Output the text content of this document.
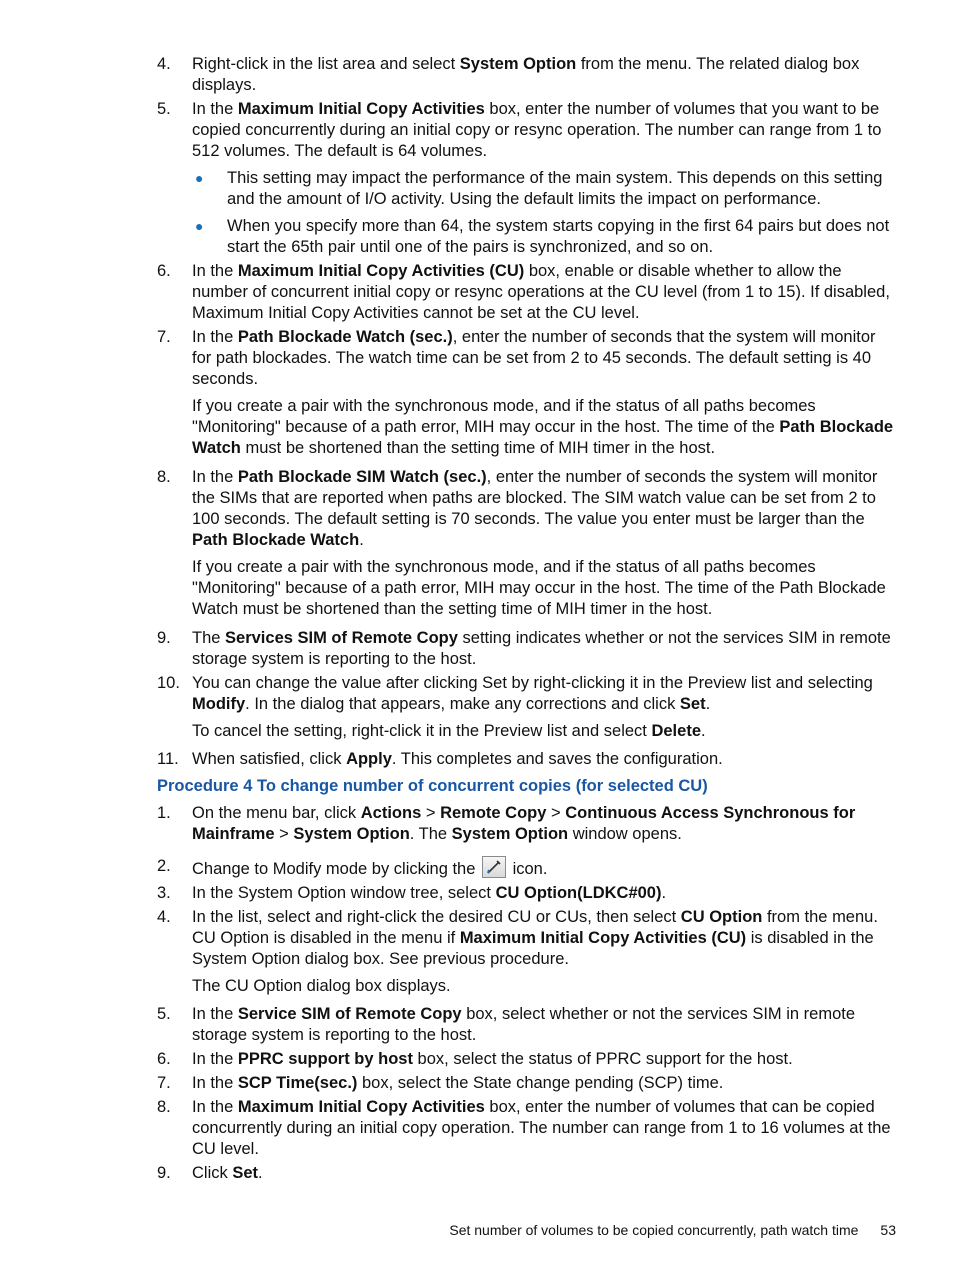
4. Right-click in the list area and select System Option from the menu. The related dialog box displays.

5. In the Maximum Initial Copy Activities box, enter the number of volumes that you want to be copied concurrently during an initial copy or resync operation. The number can range from 1 to 512 volumes. The default is 64 volumes.

● This setting may impact the performance of the main system. This depends on this setting and the amount of I/O activity. Using the default limits the impact on performance.
● When you specify more than 64, the system starts copying in the first 64 pairs but does not start the 65th pair until one of the pairs is synchronized, and so on.
6. In the Maximum Initial Copy Activities (CU) box, enable or disable whether to allow the number of concurrent initial copy or resync operations at the CU level (from 1 to 15). If disabled, Maximum Initial Copy Activities cannot be set at the CU level.

7. In the Path Blockade Watch (sec.), enter the number of seconds that the system will monitor for path blockades. The watch time can be set from 2 to 45 seconds. The default setting is 40 seconds.

If you create a pair with the synchronous mode, and if the status of all paths becomes "Monitoring" because of a path error, MIH may occur in the host. The time of the Path Blockade Watch must be shortened than the setting time of MIH timer in the host.

8. In the Path Blockade SIM Watch (sec.), enter the number of seconds the system will monitor the SIMs that are reported when paths are blocked. The SIM watch value can be set from 2 to 100 seconds. The default setting is 70 seconds. The value you enter must be larger than the Path Blockade Watch.

If you create a pair with the synchronous mode, and if the status of all paths becomes "Monitoring" because of a path error, MIH may occur in the host. The time of the Path Blockade Watch must be shortened than the setting time of MIH timer in the host.

9. The Services SIM of Remote Copy setting indicates whether or not the services SIM in remote storage system is reporting to the host.

10. You can change the value after clicking Set by right-clicking it in the Preview list and selecting Modify. In the dialog that appears, make any corrections and click Set.

To cancel the setting, right-click it in the Preview list and select Delete.

11. When satisfied, click Apply. This completes and saves the configuration.

Procedure 4 To change number of concurrent copies (for selected CU)
1. On the menu bar, click Actions > Remote Copy > Continuous Access Synchronous for Mainframe > System Option. The System Option window opens.

2. Change to Modify mode by clicking the
icon.

3. In the System Option window tree, select CU Option(LDKC#00).

4. In the list, select and right-click the desired CU or CUs, then select CU Option from the menu. CU Option is disabled in the menu if Maximum Initial Copy Activities (CU) is disabled in the System Option dialog box. See previous procedure.

The CU Option dialog box displays.

5. In the Service SIM of Remote Copy box, select whether or not the services SIM in remote storage system is reporting to the host.

6. In the PPRC support by host box, select the status of PPRC support for the host.

7. In the SCP Time(sec.) box, select the State change pending (SCP) time.

8. In the Maximum Initial Copy Activities box, enter the number of volumes that can be copied concurrently during an initial copy operation. The number can range from 1 to 16 volumes at the CU level.

9. Click Set.

Set number of volumes to be copied concurrently, path watch time 53
